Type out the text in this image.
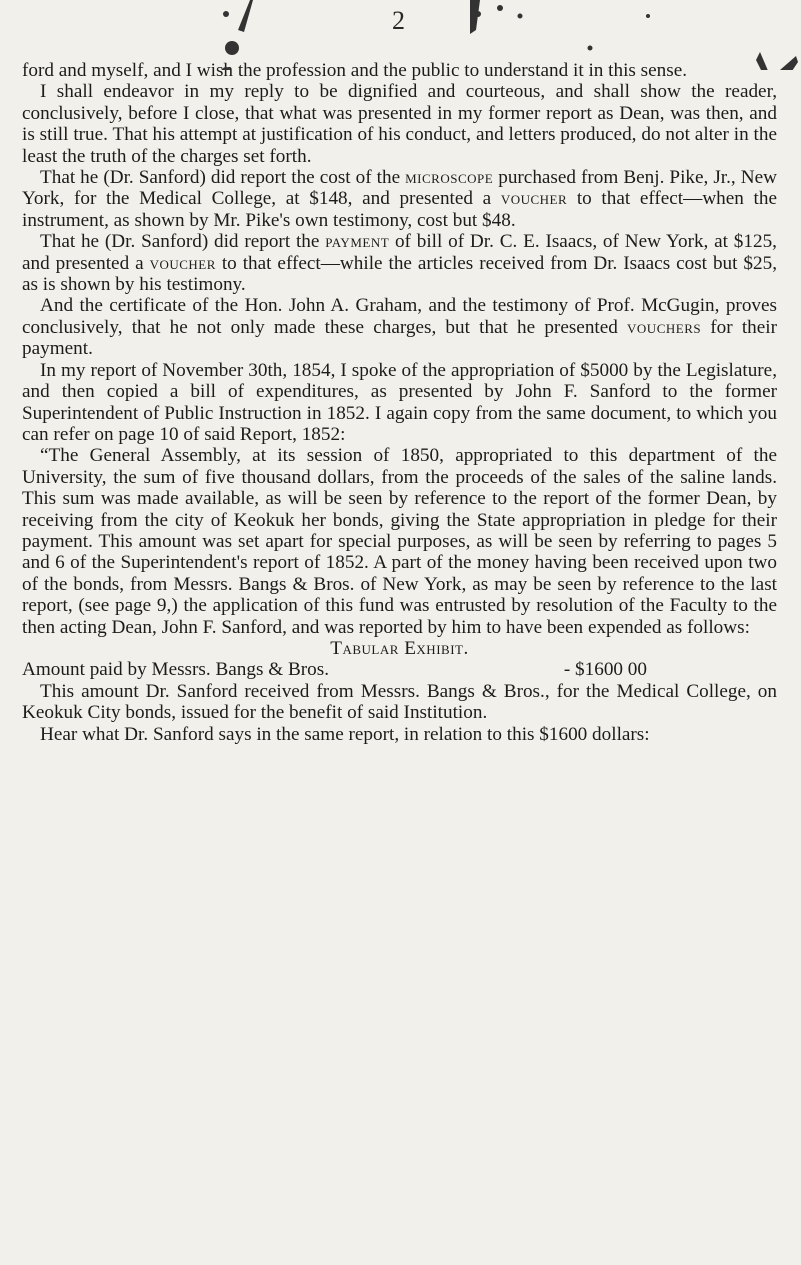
2

ford and myself, and I wish the profession and the public to understand it in this sense.

I shall endeavor in my reply to be dignified and courteous, and shall show the reader, conclusively, before I close, that what was presented in my former report as Dean, was then, and is still true. That his attempt at justification of his conduct, and letters produced, do not alter in the least the truth of the charges set forth.

That he (Dr. Sanford) did report the cost of the microscope purchased from Benj. Pike, Jr., New York, for the Medical College, at $148, and presented a voucher to that effect—when the instrument, as shown by Mr. Pike's own testimony, cost but $48.

That he (Dr. Sanford) did report the payment of bill of Dr. C. E. Isaacs, of New York, at $125, and presented a voucher to that effect—while the articles received from Dr. Isaacs cost but $25, as is shown by his testimony.

And the certificate of the Hon. John A. Graham, and the testimony of Prof. McGugin, proves conclusively, that he not only made these charges, but that he presented vouchers for their payment.

In my report of November 30th, 1854, I spoke of the appropriation of $5000 by the Legislature, and then copied a bill of expenditures, as presented by John F. Sanford to the former Superintendent of Public Instruction in 1852. I again copy from the same document, to which you can refer on page 10 of said Report, 1852:

“The General Assembly, at its session of 1850, appropriated to this department of the University, the sum of five thousand dollars, from the proceeds of the sales of the saline lands. This sum was made available, as will be seen by reference to the report of the former Dean, by receiving from the city of Keokuk her bonds, giving the State appropriation in pledge for their payment. This amount was set apart for special purposes, as will be seen by referring to pages 5 and 6 of the Superintendent's report of 1852. A part of the money having been received upon two of the bonds, from Messrs. Bangs & Bros. of New York, as may be seen by reference to the last report, (see page 9,) the application of this fund was entrusted by resolution of the Faculty to the then acting Dean, John F. Sanford, and was reported by him to have been expended as follows:

Tabular Exhibit.

Amount paid by Messrs. Bangs & Bros.	- $1600 00

This amount Dr. Sanford received from Messrs. Bangs & Bros., for the Medical College, on Keokuk City bonds, issued for the benefit of said Institution.

Hear what Dr. Sanford says in the same report, in relation to this $1600 dollars:
